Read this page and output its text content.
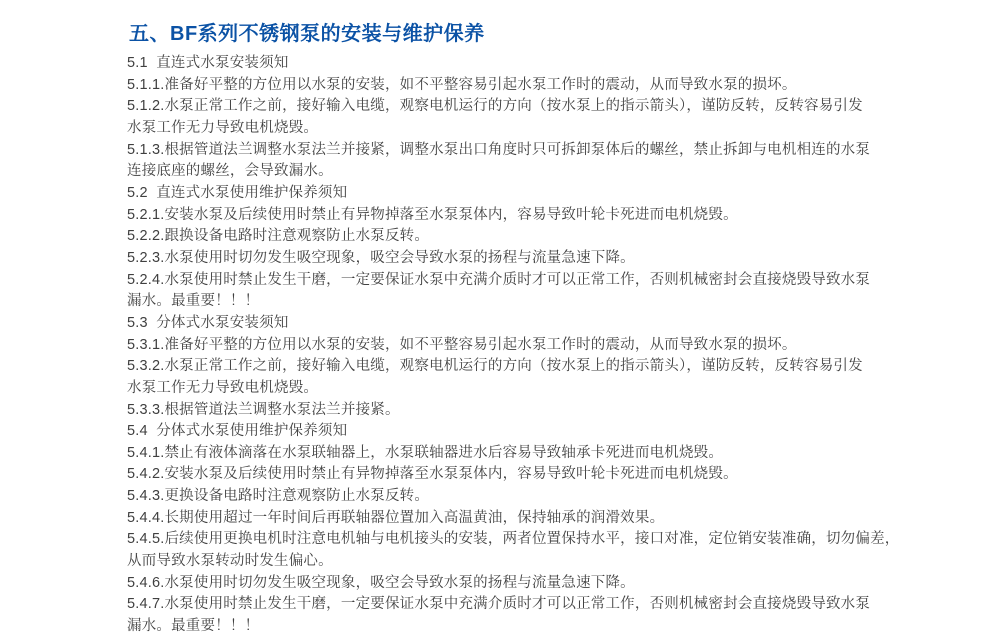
五、BF系列不锈钢泵的安装与维护保养
5.1  直连式水泵安装须知
5.1.1.准备好平整的方位用以水泵的安装，如不平整容易引起水泵工作时的震动，从而导致水泵的损坏。
5.1.2.水泵正常工作之前，接好输入电缆，观察电机运行的方向（按水泵上的指示箭头），谨防反转，反转容易引发
水泵工作无力导致电机烧毁。
5.1.3.根据管道法兰调整水泵法兰并接紧，调整水泵出口角度时只可拆卸泵体后的螺丝，禁止拆卸与电机相连的水泵
连接底座的螺丝，会导致漏水。
5.2  直连式水泵使用维护保养须知
5.2.1.安装水泵及后续使用时禁止有异物掉落至水泵泵体内，容易导致叶轮卡死进而电机烧毁。
5.2.2.跟换设备电路时注意观察防止水泵反转。
5.2.3.水泵使用时切勿发生吸空现象，吸空会导致水泵的扬程与流量急速下降。
5.2.4.水泵使用时禁止发生干磨，一定要保证水泵中充满介质时才可以正常工作，否则机械密封会直接烧毁导致水泵
漏水。最重要！！！
5.3  分体式水泵安装须知
5.3.1.准备好平整的方位用以水泵的安装，如不平整容易引起水泵工作时的震动，从而导致水泵的损坏。
5.3.2.水泵正常工作之前，接好输入电缆，观察电机运行的方向（按水泵上的指示箭头），谨防反转，反转容易引发
水泵工作无力导致电机烧毁。
5.3.3.根据管道法兰调整水泵法兰并接紧。
5.4  分体式水泵使用维护保养须知
5.4.1.禁止有液体滴落在水泵联轴器上，水泵联轴器进水后容易导致轴承卡死进而电机烧毁。
5.4.2.安装水泵及后续使用时禁止有异物掉落至水泵泵体内，容易导致叶轮卡死进而电机烧毁。
5.4.3.更换设备电路时注意观察防止水泵反转。
5.4.4.长期使用超过一年时间后再联轴器位置加入高温黄油，保持轴承的润滑效果。
5.4.5.后续使用更换电机时注意电机轴与电机接头的安装，两者位置保持水平，接口对准，定位销安装准确，切勿偏差，
从而导致水泵转动时发生偏心。
5.4.6.水泵使用时切勿发生吸空现象，吸空会导致水泵的扬程与流量急速下降。
5.4.7.水泵使用时禁止发生干磨，一定要保证水泵中充满介质时才可以正常工作，否则机械密封会直接烧毁导致水泵
漏水。最重要！！！
